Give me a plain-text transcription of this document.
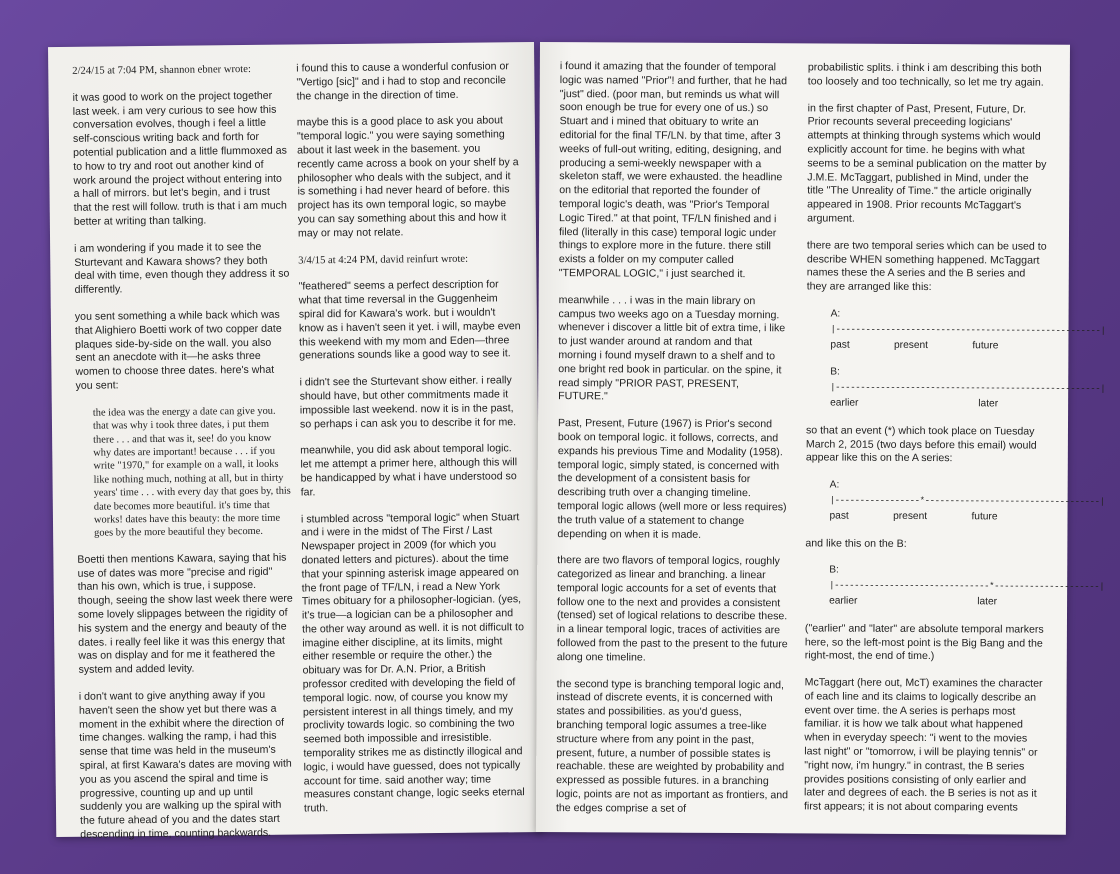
2/24/15 at 7:04 PM, shannon ebner wrote:

it was good to work on the project together last week. i am very curious to see how this conversation evolves, though i feel a little self-conscious writing back and forth for potential publication and a little flummoxed as to how to try and root out another kind of work around the project without entering into a hall of mirrors. but let's begin, and i trust that the rest will follow. truth is that i am much better at writing than talking.

i am wondering if you made it to see the Sturtevant and Kawara shows? they both deal with time, even though they address it so differently.

you sent something a while back which was that Alighiero Boetti work of two copper date plaques side-by-side on the wall. you also sent an anecdote with it—he asks three women to choose three dates. here's what you sent:

the idea was the energy a date can give you. that was why i took three dates, i put them there . . . and that was it, see! do you know why dates are important! because . . . if you write "1970," for example on a wall, it looks like nothing much, nothing at all, but in thirty years' time . . . with every day that goes by, this date becomes more beautiful. it's time that works! dates have this beauty: the more time goes by the more beautiful they become.

Boetti then mentions Kawara, saying that his use of dates was more "precise and rigid" than his own, which is true, i suppose. though, seeing the show last week there were some lovely slippages between the rigidity of his system and the energy and beauty of the dates. i really feel like it was this energy that was on display and for me it feathered the system and added levity.

i don't want to give anything away if you haven't seen the show yet but there was a moment in the exhibit where the direction of time changes. walking the ramp, i had this sense that time was held in the museum's spiral, at first Kawara's dates are moving with you as you ascend the spiral and time is progressive, counting up and up until suddenly you are walking up the spiral with the future ahead of you and the dates start descending in time, counting backwards.

i found this to cause a wonderful confusion or "Vertigo [sic]" and i had to stop and reconcile the change in the direction of time.

maybe this is a good place to ask you about "temporal logic." you were saying something about it last week in the basement. you recently came across a book on your shelf by a philosopher who deals with the subject, and it is something i had never heard of before. this project has its own temporal logic, so maybe you can say something about this and how it may or may not relate.

3/4/15 at 4:24 PM, david reinfurt wrote:

"feathered" seems a perfect description for what that time reversal in the Guggenheim spiral did for Kawara's work. but i wouldn't know as i haven't seen it yet. i will, maybe even this weekend with my mom and Eden—three generations sounds like a good way to see it.

i didn't see the Sturtevant show either. i really should have, but other commitments made it impossible last weekend. now it is in the past, so perhaps i can ask you to describe it for me.

meanwhile, you did ask about temporal logic. let me attempt a primer here, although this will be handicapped by what i have understood so far.

i stumbled across "temporal logic" when Stuart and i were in the midst of The First / Last Newspaper project in 2009 (for which you donated letters and pictures). about the time that your spinning asterisk image appeared on the front page of TF/LN, i read a New York Times obituary for a philosopher-logician. (yes, it's true—a logician can be a philosopher and the other way around as well. it is not difficult to imagine either discipline, at its limits, might either resemble or require the other.) the obituary was for Dr. A.N. Prior, a British professor credited with developing the field of temporal logic. now, of course you know my persistent interest in all things timely, and my proclivity towards logic. so combining the two seemed both impossible and irresistible. temporality strikes me as distinctly illogical and logic, i would have guessed, does not typically account for time. said another way; time measures constant change, logic seeks eternal truth.

i found it amazing that the founder of temporal logic was named "Prior"! and further, that he had "just" died. (poor man, but reminds us what will soon enough be true for every one of us.) so Stuart and i mined that obituary to write an editorial for the final TF/LN. by that time, after 3 weeks of full-out writing, editing, designing, and producing a semi-weekly newspaper with a skeleton staff, we were exhausted. the headline on the editorial that reported the founder of temporal logic's death, was "Prior's Temporal Logic Tired." at that point, TF/LN finished and i filed (literally in this case) temporal logic under things to explore more in the future. there still exists a folder on my computer called "TEMPORAL LOGIC," i just searched it.

meanwhile . . . i was in the main library on campus two weeks ago on a Tuesday morning. whenever i discover a little bit of extra time, i like to just wander around at random and that morning i found myself drawn to a shelf and to one bright red book in particular. on the spine, it read simply "PRIOR PAST, PRESENT, FUTURE."

Past, Present, Future (1967) is Prior's second book on temporal logic. it follows, corrects, and expands his previous Time and Modality (1958). temporal logic, simply stated, is concerned with the development of a consistent basis for describing truth over a changing timeline. temporal logic allows (well more or less requires) the truth value of a statement to change depending on when it is made.

there are two flavors of temporal logics, roughly categorized as linear and branching. a linear temporal logic accounts for a set of events that follow one to the next and provides a consistent (tensed) set of logical relations to describe these. in a linear temporal logic, traces of activities are followed from the past to the present to the future along one timeline.

the second type is branching temporal logic and, instead of discrete events, it is concerned with states and possibilities. as you'd guess, branching temporal logic assumes a tree-like structure where from any point in the past, present, future, a number of possible states is reachable. these are weighted by probability and expressed as possible futures. in a branching logic, points are not as important as frontiers, and the edges comprise a set of

probabilistic splits. i think i am describing this both too loosely and too technically, so let me try again.

in the first chapter of Past, Present, Future, Dr. Prior recounts several preceeding logicians' attempts at thinking through systems which would explicitly account for time. he begins with what seems to be a seminal publication on the matter by J.M.E. McTaggart, published in Mind, under the title "The Unreality of Time." the article originally appeared in 1908. Prior recounts McTaggart's argument.

there are two temporal series which can be used to describe WHEN something happened. McTaggart names these the A series and the B series and they are arranged like this:

A:
|-----------------------------------------------------|
past	present	future
B:
|-----------------------------------------------------|
earlier	later

so that an event (*) which took place on Tuesday March 2, 2015 (two days before this email) would appear like this on the A series:

A:
|-----------------*-----------------------------------|
past	present	future

and like this on the B:

B:
|-------------------------------*---------------------|
earlier	later

("earlier" and "later" are absolute temporal markers here, so the left-most point is the Big Bang and the right-most, the end of time.)

McTaggart (here out, McT) examines the character of each line and its claims to logically describe an event over time. the A series is perhaps most familiar. it is how we talk about what happened when in everyday speech: "i went to the movies last night" or "tomorrow, i will be playing tennis" or "right now, i'm hungry." in contrast, the B series provides positions consisting of only earlier and later and degrees of each. the B series is not as it first appears; it is not about comparing events
